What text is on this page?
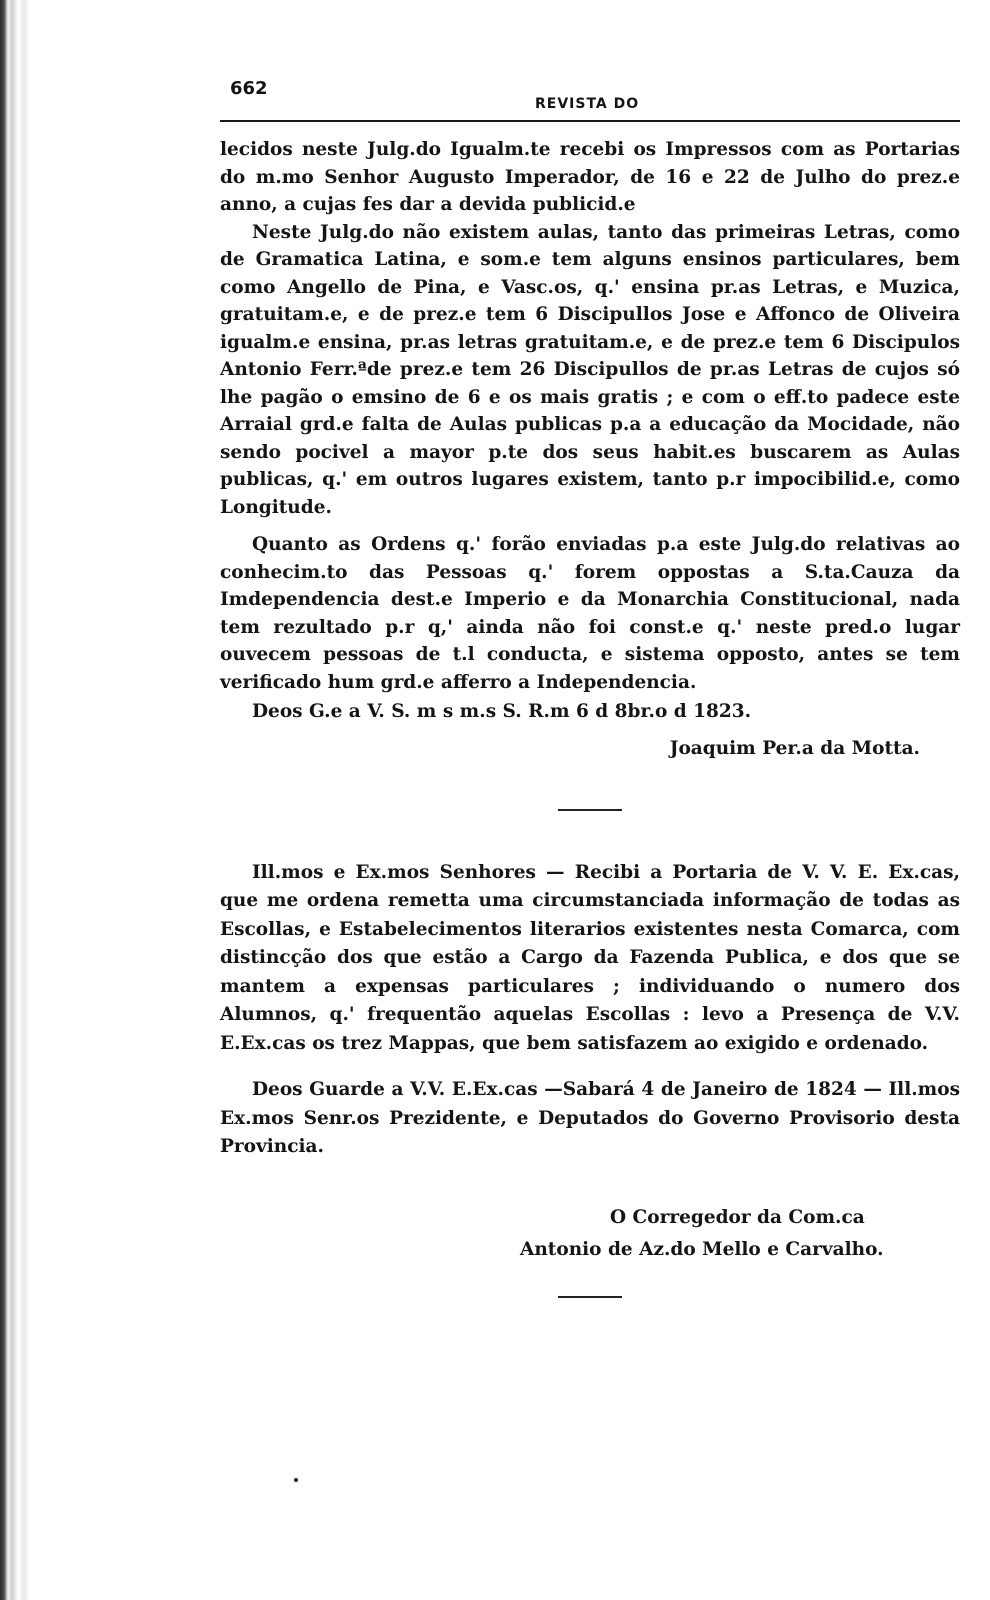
662
REVISTA DO

lecidos neste Julg.do Igualm.te recebi os Impressos com as Portarias do m.mo Senhor Augusto Imperador, de 16 e 22 de Julho do prez.e anno, a cujas fes dar a devida publicid.e

Neste Julg.do não existem aulas, tanto das primeiras Letras, como de Gramatica Latina, e som.e tem alguns ensinos particulares, bem como Angello de Pina, e Vasc.os, q.' ensina pr.as Letras, e Muzica, gratuitam.e, e de prez.e tem 6 Discipullos Jose e Affonco de Oliveira igualm.e ensina, pr.as letras gratuitam.e, e de prez.e tem 6 Discipulos Antonio Ferr.ªde prez.e tem 26 Discipullos de pr.as Letras de cujos só lhe pagão o emsino de 6 e os mais gratis ; e com o eff.to padece este Arraial grd.e falta de Aulas publicas p.a a educação da Mocidade, não sendo pocivel a mayor p.te dos seus habit.es buscarem as Aulas publicas, q.' em outros lugares existem, tanto p.r impocibilid.e, como Longitude.

Quanto as Ordens q.' forão enviadas p.a este Julg.do relativas ao conhecim.to das Pessoas q.' forem oppostas a S.ta.Cauza da Imdependencia dest.e Imperio e da Monarchia Constitucional, nada tem rezultado p.r q,' ainda não foi const.e q.' neste pred.o lugar ouvecem pessoas de t.l conducta, e sistema opposto, antes se tem verificado hum grd.e afferro a Independencia.

Deos G.e a V. S. m s m.s S. R.m 6 d 8br.o d 1823.

Joaquim Per.a da Motta.

Ill.mos e Ex.mos Senhores — Recibi a Portaria de V. V. E. Ex.cas, que me ordena remetta uma circumstanciada informação de todas as Escollas, e Estabelecimentos literarios existentes nesta Comarca, com distincção dos que estão a Cargo da Fazenda Publica, e dos que se mantem a expensas particulares ; individuando o numero dos Alumnos, q.' frequentão aquelas Escollas : levo a Presença de V.V. E.Ex.cas os trez Mappas, que bem satisfazem ao exigido e ordenado.

Deos Guarde a V.V. E.Ex.cas —Sabará 4 de Janeiro de 1824 — Ill.mos Ex.mos Senr.os Prezidente, e Deputados do Governo Provisorio desta Provincia.

O Corregedor da Com.ca
Antonio de Az.do Mello e Carvalho.
